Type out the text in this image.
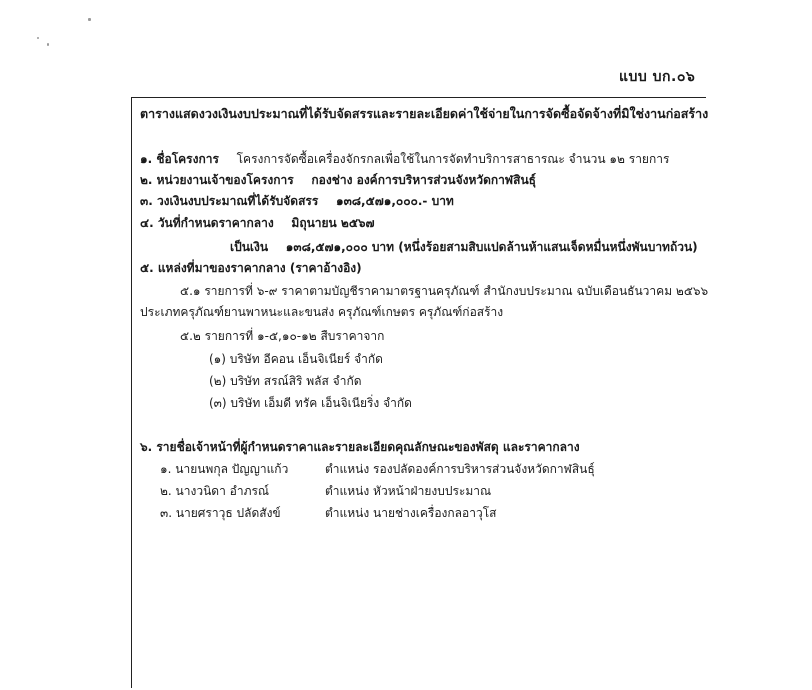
แบบ บก.๐๖
ตารางแสดงวงเงินงบประมาณที่ได้รับจัดสรรและรายละเอียดค่าใช้จ่ายในการจัดซื้อจัดจ้างที่มิใช่งานก่อสร้าง
๑. ชื่อโครงการ โครงการจัดซื้อเครื่องจักรกลเพื่อใช้ในการจัดทำบริการสาธารณะ จำนวน ๑๒ รายการ
๒. หน่วยงานเจ้าของโครงการ กองช่าง องค์การบริหารส่วนจังหวัดกาฬสินธุ์
๓. วงเงินงบประมาณที่ได้รับจัดสรร ๑๓๘,๕๗๑,๐๐๐.- บาท
๔. วันที่กำหนดราคากลาง มิถุนายน ๒๕๖๗
เป็นเงิน ๑๓๘,๕๗๑,๐๐๐ บาท (หนึ่งร้อยสามสิบแปดล้านห้าแสนเจ็ดหมื่นหนึ่งพันบาทถ้วน)
๕. แหล่งที่มาของราคากลาง (ราคาอ้างอิง)
๕.๑ รายการที่ ๖-๙ ราคาตามบัญชีราคามาตรฐานครุภัณฑ์ สำนักงบประมาณ ฉบับเดือนธันวาคม ๒๕๖๖
ประเภทครุภัณฑ์ยานพาหนะและขนส่ง ครุภัณฑ์เกษตร ครุภัณฑ์ก่อสร้าง
๕.๒ รายการที่ ๑-๕,๑๐-๑๒ สืบราคาจาก
(๑) บริษัท อีคอน เอ็นจิเนียร์ จำกัด
(๒) บริษัท สรณ์สิริ พลัส จำกัด
(๓) บริษัท เอ็มดี ทรัค เอ็นจิเนียริ่ง จำกัด
๖. รายชื่อเจ้าหน้าที่ผู้กำหนดราคาและรายละเอียดคุณลักษณะของพัสดุ และราคากลาง
๑. นายนพกุล ปัญญาแก้ว	ตำแหน่ง รองปลัดองค์การบริหารส่วนจังหวัดกาฬสินธุ์
๒. นางวนิดา อำภรณ์	ตำแหน่ง หัวหน้าฝ่ายงบประมาณ
๓. นายศราวุธ ปลัดสังข์	ตำแหน่ง นายช่างเครื่องกลอาวุโส
